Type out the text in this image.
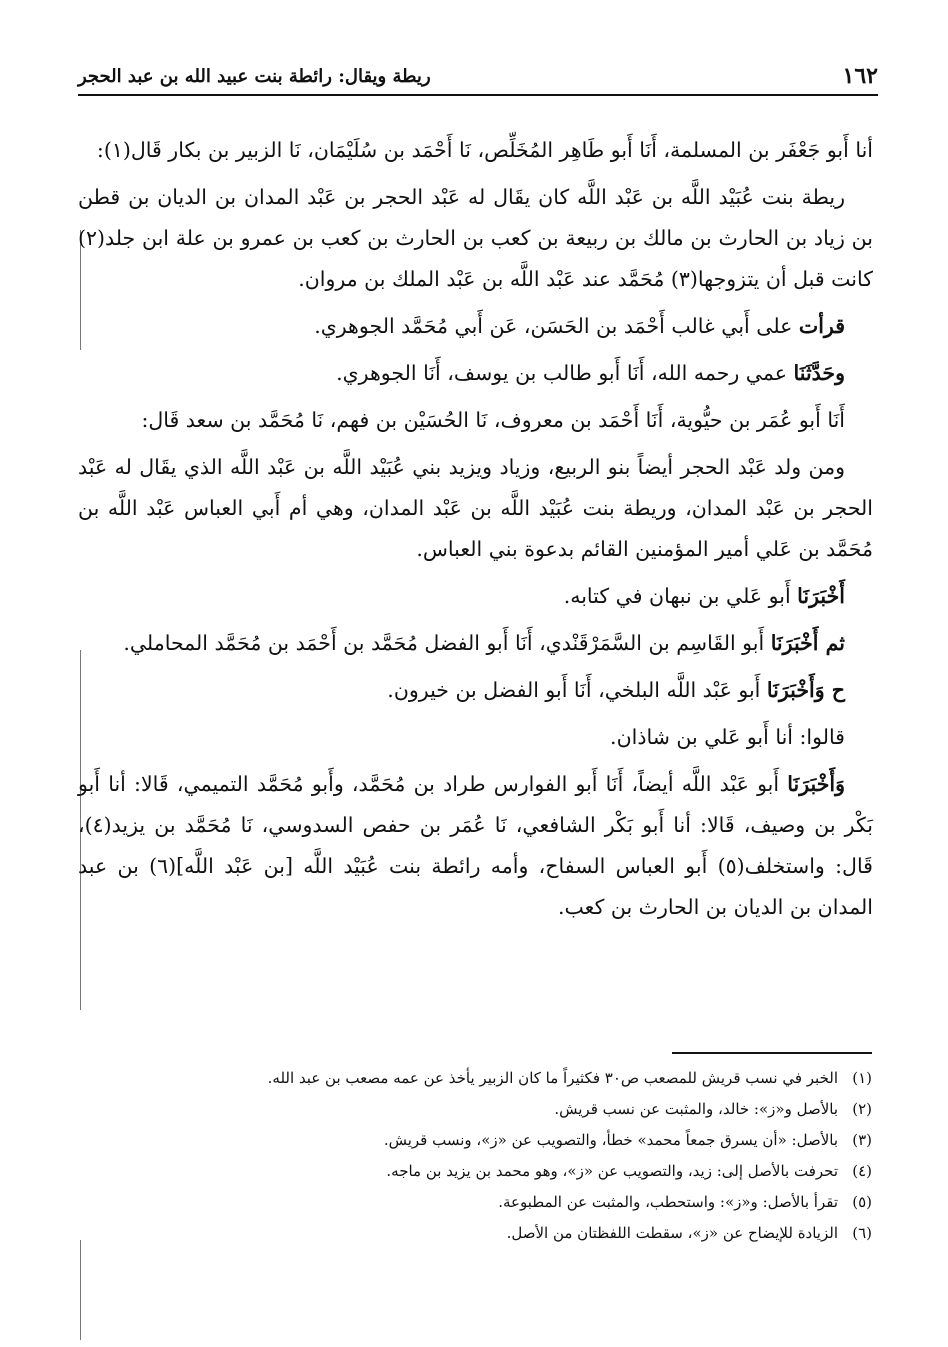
١٦٢
ريطة ويقال: رائطة بنت عبيد الله بن عبد الحجر

أنا أَبو جَعْفَر بن المسلمة، أَنَا أَبو طَاهِر المُخَلِّص، نَا أَحْمَد بن سُلَيْمَان، نَا الزبير بن بكار قَال(١):

ريطة بنت عُبَيْد اللَّه بن عَبْد اللَّه كان يقَال له عَبْد الحجر بن عَبْد المدان بن الديان بن قطن بن زياد بن الحارث بن مالك بن ربيعة بن كعب بن الحارث بن كعب بن عمرو بن علة ابن جلد(٢) كانت قبل أن يتزوجها(٣) مُحَمَّد عند عَبْد اللَّه بن عَبْد الملك بن مروان.

قرأت على أَبي غالب أَحْمَد بن الحَسَن، عَن أَبي مُحَمَّد الجوهري.

وحَدَّثَنَا عمي رحمه الله، أَنَا أَبو طالب بن يوسف، أَنَا الجوهري.

أَنَا أَبو عُمَر بن حيُّوية، أَنَا أَحْمَد بن معروف، نَا الحُسَيْن بن فهم، نَا مُحَمَّد بن سعد قَال:

ومن ولد عَبْد الحجر أيضاً بنو الربيع، وزياد ويزيد بني عُبَيْد اللَّه بن عَبْد اللَّه الذي يقَال له عَبْد الحجر بن عَبْد المدان، وريطة بنت عُبَيْد اللَّه بن عَبْد المدان، وهي أم أَبي العباس عَبْد اللَّه بن مُحَمَّد بن عَلي أمير المؤمنين القائم بدعوة بني العباس.

أَخْبَرَنَا أَبو عَلي بن نبهان في كتابه.

ثم أَخْبَرَنَا أَبو القَاسِم بن السَّمَرْقَنْدي، أَنَا أَبو الفضل مُحَمَّد بن أَحْمَد بن مُحَمَّد المحاملي.

ح وَأَخْبَرَنَا أَبو عَبْد اللَّه البلخي، أَنَا أَبو الفضل بن خيرون.

قالوا: أنا أَبو عَلي بن شاذان.

وَأَخْبَرَنَا أَبو عَبْد اللَّه أيضاً، أَنَا أَبو الفوارس طراد بن مُحَمَّد، وأَبو مُحَمَّد التميمي، قَالا: أنا أَبو بَكْر بن وصيف، قَالا: أنا أَبو بَكْر الشافعي، نَا عُمَر بن حفص السدوسي، نَا مُحَمَّد بن يزيد(٤)، قَال: واستخلف(٥) أَبو العباس السفاح، وأمه رائطة بنت عُبَيْد اللَّه [بن عَبْد اللَّه](٦) بن عبد المدان بن الديان بن الحارث بن كعب.

(١)الخبر في نسب قريش للمصعب ص٣٠ فكثيراً ما كان الزبير يأخذ عن عمه مصعب بن عبد الله.
(٢)بالأصل و«ز»: خالد، والمثبت عن نسب قريش.
(٣)بالأصل: «أن يسرق جمعاً محمد» خطأ، والتصويب عن «ز»، ونسب قريش.
(٤)تحرفت بالأصل إلى: زيد، والتصويب عن «ز»، وهو محمد بن يزيد بن ماجه.
(٥)تقرأ بالأصل: و«ز»: واستحطب، والمثبت عن المطبوعة.
(٦)الزيادة للإيضاح عن «ز»، سقطت اللفظتان من الأصل.
